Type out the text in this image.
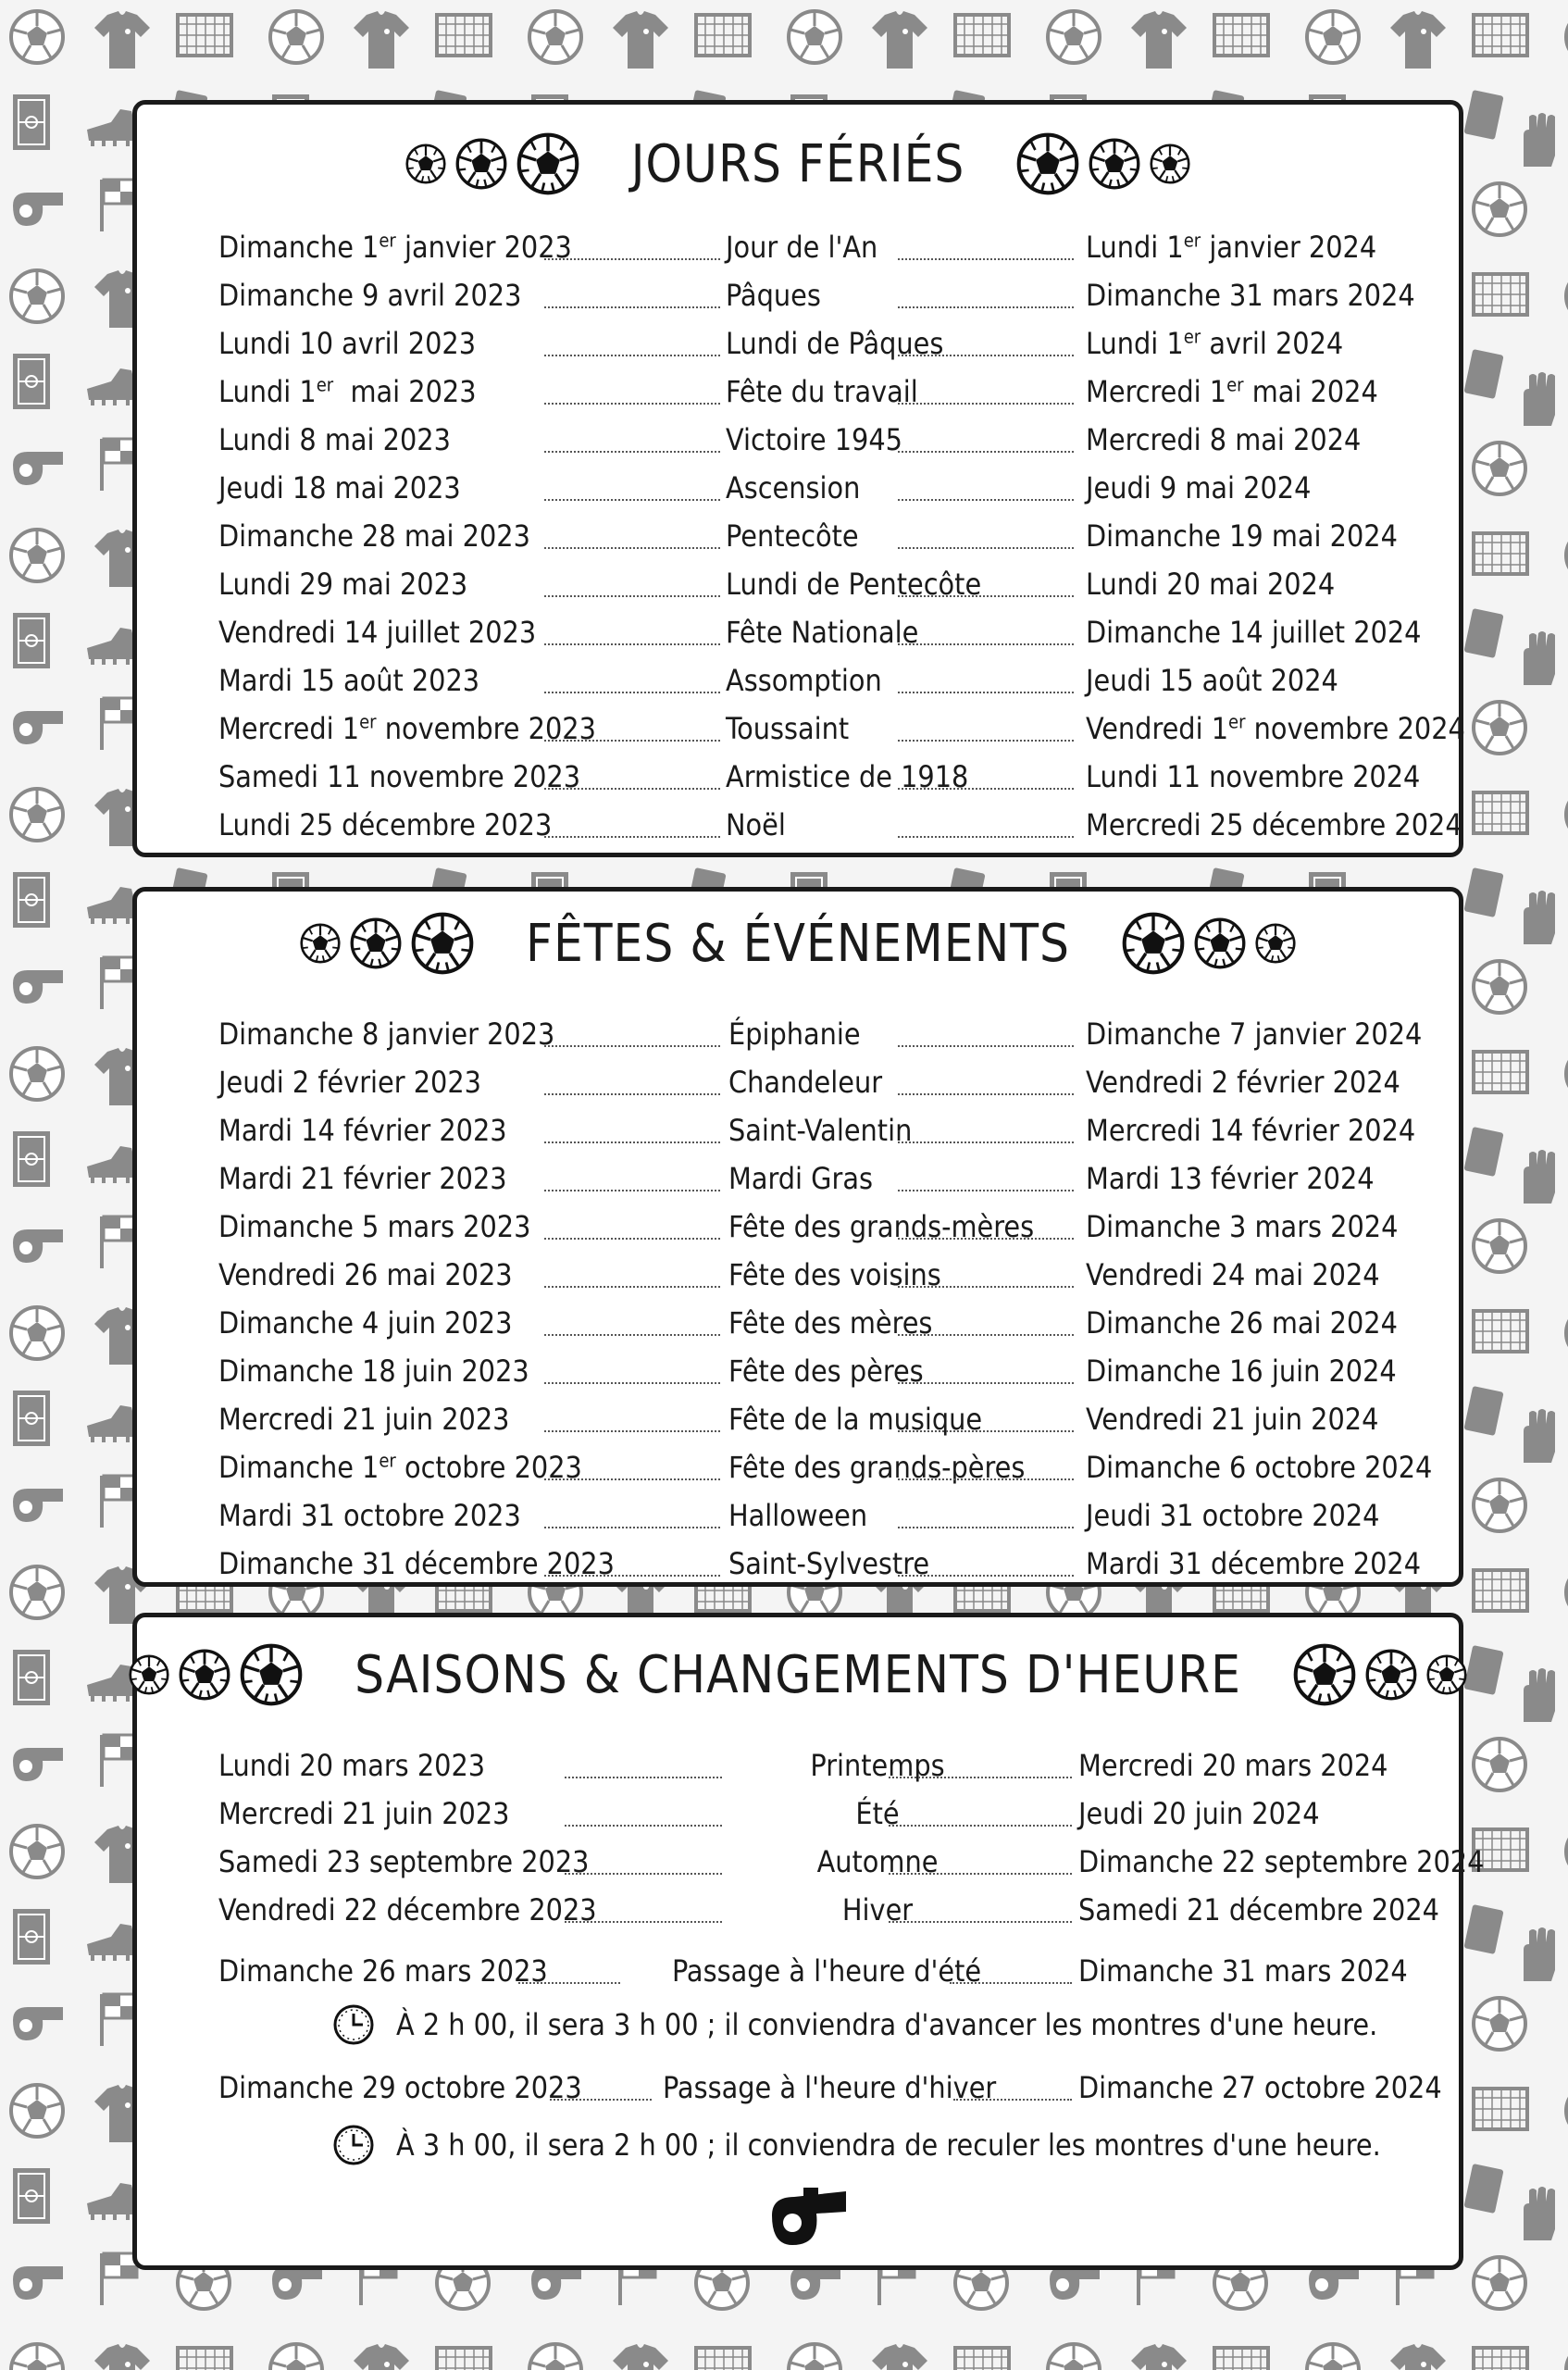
JOURS FÉRIÉS
Dimanche 1er janvier 2023	Jour de l'An	Lundi 1er janvier 2024
Dimanche 9 avril 2023	Pâques	Dimanche 31 mars 2024
Lundi 10 avril 2023	Lundi de Pâques	Lundi 1er avril 2024
Lundi 1er  mai 2023	Fête du travail	Mercredi 1er mai 2024
Lundi 8 mai 2023	Victoire 1945	Mercredi 8 mai 2024
Jeudi 18 mai 2023	Ascension	Jeudi 9 mai 2024
Dimanche 28 mai 2023	Pentecôte	Dimanche 19 mai 2024
Lundi 29 mai 2023	Lundi de Pentecôte	Lundi 20 mai 2024
Vendredi 14 juillet 2023	Fête Nationale	Dimanche 14 juillet 2024
Mardi 15 août 2023	Assomption	Jeudi 15 août 2024
Mercredi 1er novembre 2023	Toussaint	Vendredi 1er novembre 2024
Samedi 11 novembre 2023	Armistice de 1918	Lundi 11 novembre 2024
Lundi 25 décembre 2023	Noël	Mercredi 25 décembre 2024
FÊTES & ÉVÉNEMENTS
Dimanche 8 janvier 2023	Épiphanie	Dimanche 7 janvier 2024
Jeudi 2 février 2023	Chandeleur	Vendredi 2 février 2024
Mardi 14 février 2023	Saint-Valentin	Mercredi 14 février 2024
Mardi 21 février 2023	Mardi Gras	Mardi 13 février 2024
Dimanche 5 mars 2023	Fête des grands-mères Dimanche 3 mars 2024
Vendredi 26 mai 2023	Fête des voisins	Vendredi 24 mai 2024
Dimanche 4 juin 2023	Fête des mères	Dimanche 26 mai 2024
Dimanche 18 juin 2023	Fête des pères	Dimanche 16 juin 2024
Mercredi 21 juin 2023	Fête de la musique	Vendredi 21 juin 2024
Dimanche 1er octobre 2023	Fête des grands-pères Dimanche 6 octobre 2024
Mardi 31 octobre 2023	Halloween	Jeudi 31 octobre 2024
Dimanche 31 décembre 2023	Saint-Sylvestre	Mardi 31 décembre 2024
SAISONS & CHANGEMENTS D'HEURE
Lundi 20 mars 2023	Printemps	Mercredi 20 mars 2024
Mercredi 21 juin 2023	Été	Jeudi 20 juin 2024
Samedi 23 septembre 2023	Automne	Dimanche 22 septembre 2024
Vendredi 22 décembre 2023	Hiver	Samedi 21 décembre 2024
Dimanche 26 mars 2023	Passage à l'heure d'été	Dimanche 31 mars 2024
À 2 h 00, il sera 3 h 00 ; il conviendra d'avancer les montres d'une heure.
Dimanche 29 octobre 2023	Passage à l'heure d'hiver	Dimanche 27 octobre 2024
À 3 h 00, il sera 2 h 00 ; il conviendra de reculer les montres d'une heure.
